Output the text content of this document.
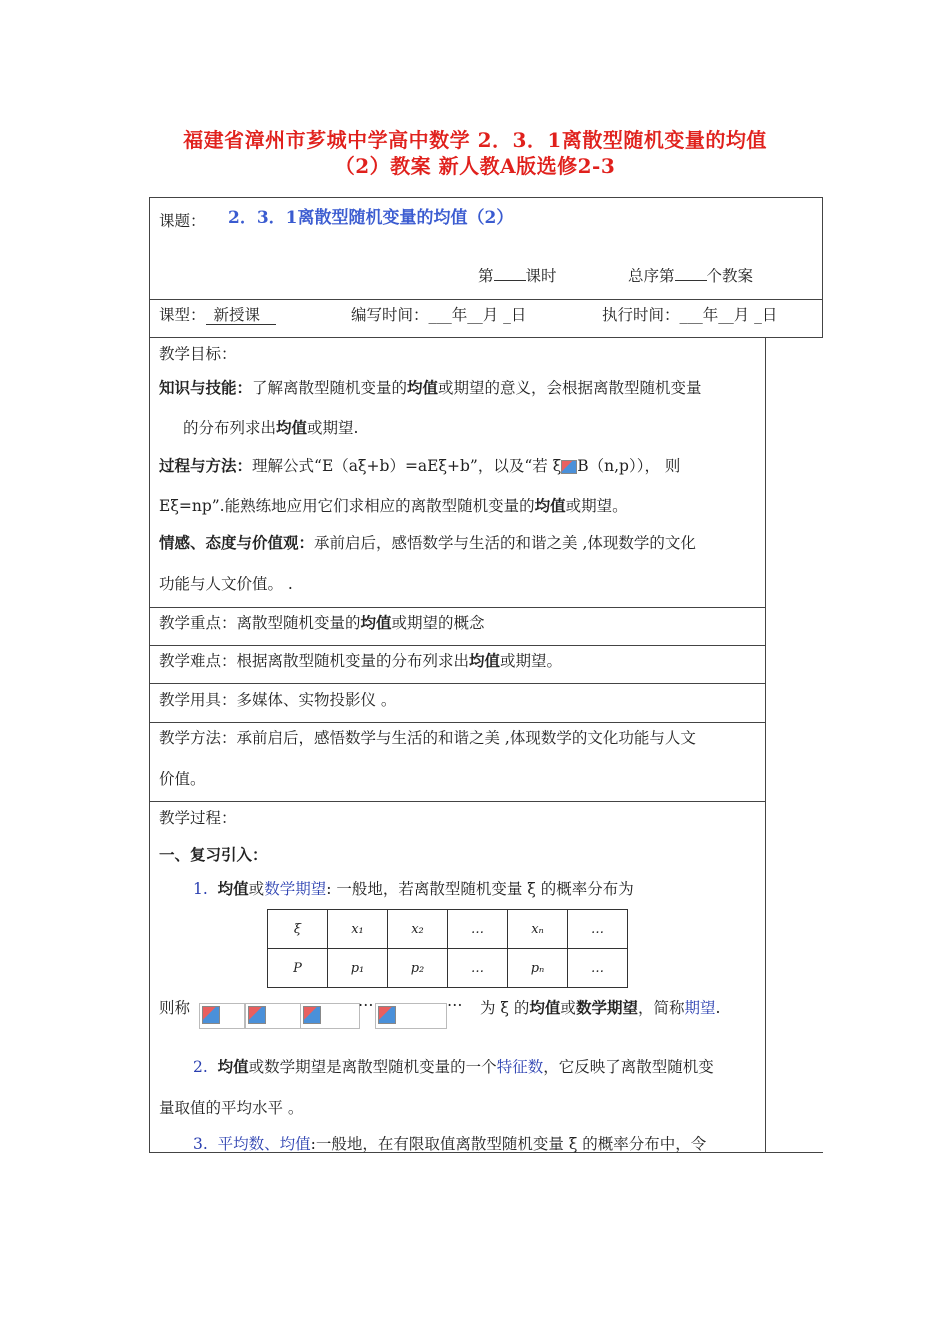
福建省漳州市芗城中学高中数学 2．3．1离散型随机变量的均值
（2）教案 新人教A版选修2-3
课题： 2．3．1离散型随机变量的均值（2）
第 课时	总序第 个教案
课型： 新授课	编写时间：___年__月 _日	执行时间：___年__月 _日
教学目标：
知识与技能：了解离散型随机变量的均值或期望的意义，会根据离散型随机变量
的分布列求出均值或期望.
过程与方法：理解公式“E（aξ+b）=aEξ+b”，以及“若 ξ B（n,p））， 则
Eξ=np”.能熟练地应用它们求相应的离散型随机变量的均值或期望。
情感、态度与价值观：承前启后，感悟数学与生活的和谐之美 ,体现数学的文化
功能与人文价值。 .
教学重点：离散型随机变量的均值或期望的概念
教学难点：根据离散型随机变量的分布列求出均值或期望。
教学用具：多媒体、实物投影仪 。
教学方法：承前启后，感悟数学与生活的和谐之美 ,体现数学的文化功能与人文
价值。
教学过程：
一、复习引入：
1. 均值或数学期望: 一般地，若离散型随机变量 ξ 的概率分布为
ξ	x₁	x₂	…	xₙ	…
P	p₁	p₂	…	pₙ	…
则称	…	… 为 ξ 的均值或数学期望，简称期望.
2. 均值或数学期望是离散型随机变量的一个特征数，它反映了离散型随机变
量取值的平均水平 。
3. 平均数、均值:一般地，在有限取值离散型随机变量 ξ 的概率分布中，令
